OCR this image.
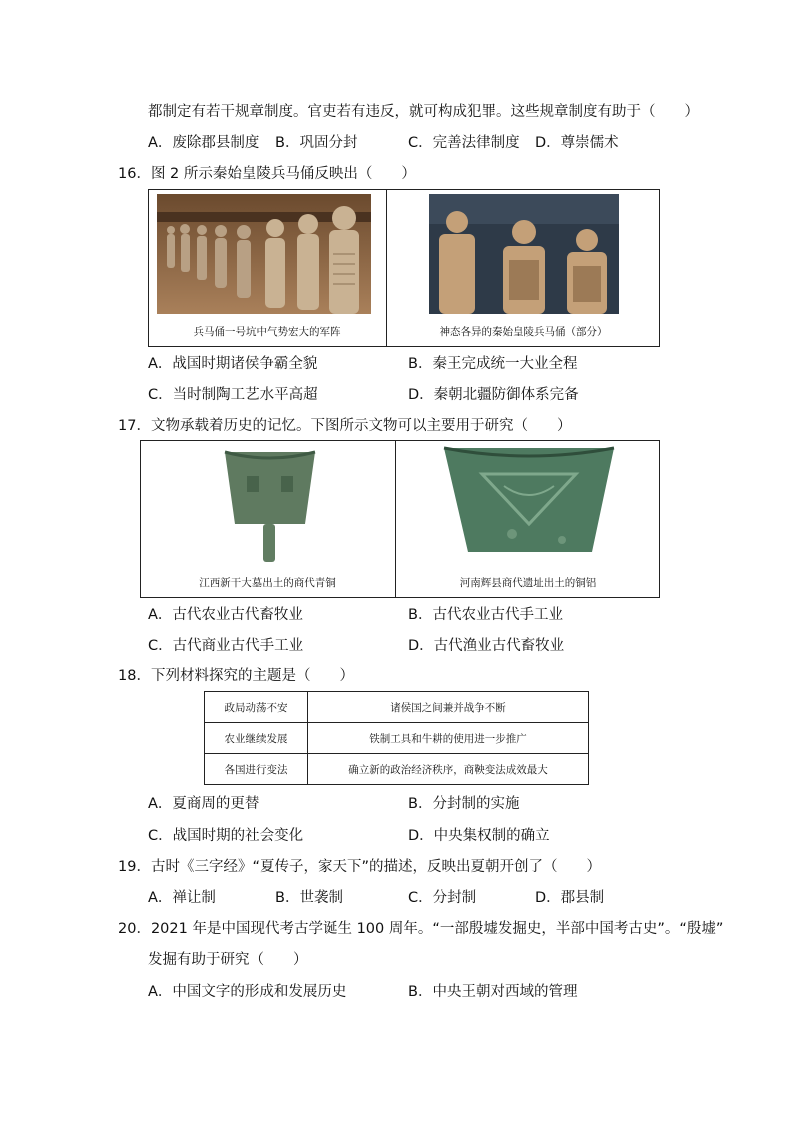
都制定有若干规章制度。官吏若有违反，就可构成犯罪。这些规章制度有助于（　　）
A．废除郡县制度 B．巩固分封	C．完善法律制度 D．尊崇儒术
16．图 2 所示秦始皇陵兵马俑反映出（　　）
兵马俑一号坑中气势宏大的军阵	神态各异的秦始皇陵兵马俑（部分）
A．战国时期诸侯争霸全貌	B．秦王完成统一大业全程
C．当时制陶工艺水平高超	D．秦朝北疆防御体系完备
17．文物承载着历史的记忆。下图所示文物可以主要用于研究（　　）
江西新干大墓出土的商代青铜	河南辉县商代遗址出土的铜铝
A．古代农业古代畜牧业	B．古代农业古代手工业
C．古代商业古代手工业	D．古代渔业古代畜牧业
18．下列材料探究的主题是（　　）
政局动荡不安	诸侯国之间兼并战争不断
农业继续发展	铁制工具和牛耕的使用进一步推广
各国进行变法	确立新的政治经济秩序，商鞅变法成效最大
A．夏商周的更替	B．分封制的实施
C．战国时期的社会变化	D．中央集权制的确立
19．古时《三字经》“夏传子，家天下”的描述，反映出夏朝开创了（　　）
A．禅让制	B．世袭制	C．分封制	D．郡县制
20．2021 年是中国现代考古学诞生 100 周年。“一部殷墟发掘史，半部中国考古史”。“殷墟”
发掘有助于研究（　　）
A．中国文字的形成和发展历史	B．中央王朝对西域的管理
